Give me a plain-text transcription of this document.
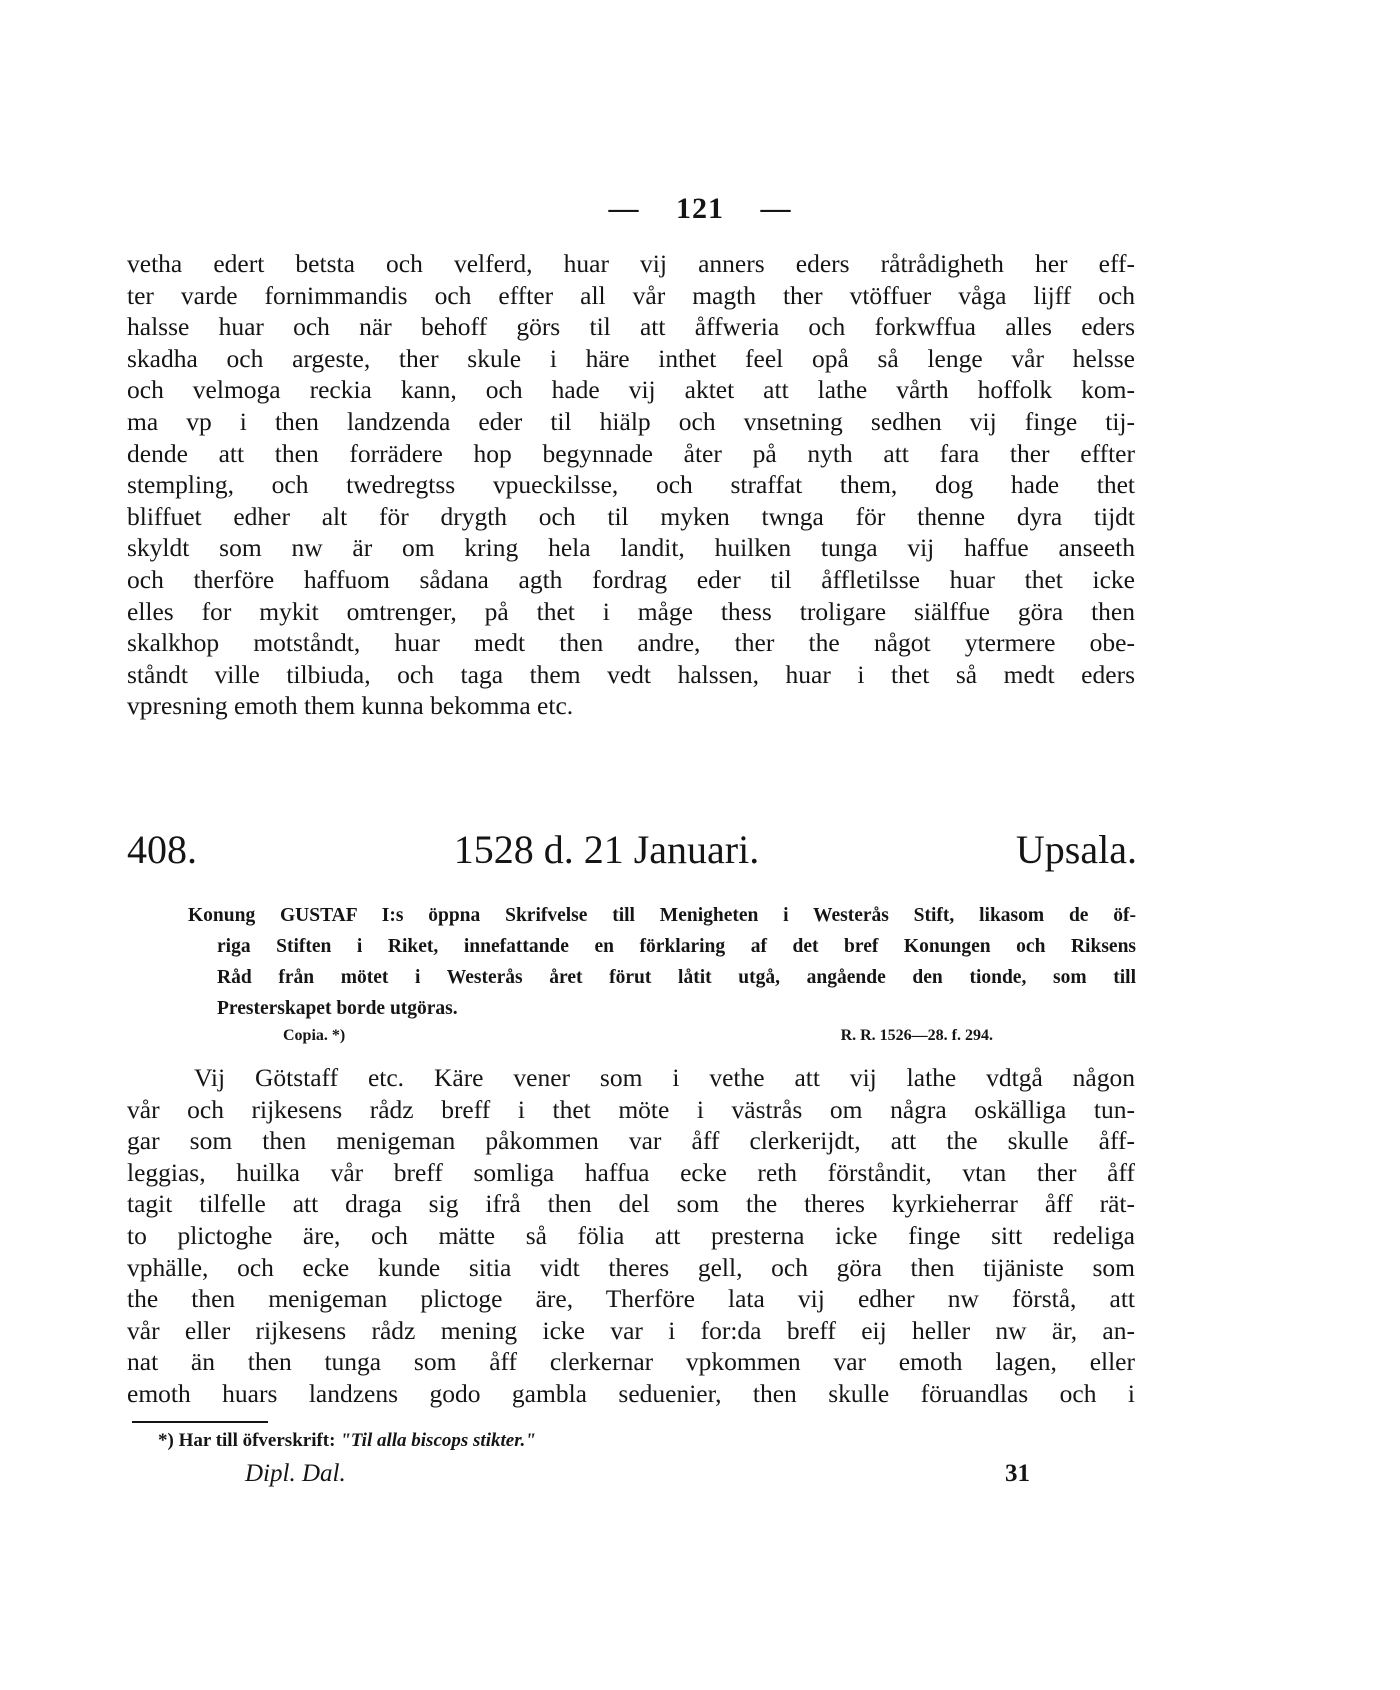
— 121 —
vetha edert betsta och velferd, huar vij anners eders råtrådigheth her eff-
ter varde fornimmandis och effter all vår magth ther vtöffuer våga lijff och
halsse huar och när behoff görs til att åffweria och forkwffua alles eders
skadha och argeste, ther skule i häre inthet feel opå så lenge vår helsse
och velmoga reckia kann, och hade vij aktet att lathe vårth hoffolk kom-
ma vp i then landzenda eder til hiälp och vnsetning sedhen vij finge tij-
dende att then forrädere hop begynnade åter på nyth att fara ther effter
stempling, och twedregtss vpueckilsse, och straffat them, dog hade thet
bliffuet edher alt för drygth och til myken twnga för thenne dyra tijdt
skyldt som nw är om kring hela landit, huilken tunga vij haffue anseeth
och therföre haffuom sådana agth fordrag eder til åffletilsse huar thet icke
elles for mykit omtrenger, på thet i måge thess troligare siälffue göra then
skalkhop motståndt, huar medt then andre, ther the något ytermere obe-
ståndt ville tilbiuda, och taga them vedt halssen, huar i thet så medt eders
vpresning emoth them kunna bekomma etc.
408.	1528 d. 21 Januari.	Upsala.
Konung GUSTAF I:s öppna Skrifvelse till Menigheten i Westerås Stift, likasom de öf-
riga Stiften i Riket, innefattande en förklaring af det bref Konungen och Riksens
Råd från mötet i Westerås året förut låtit utgå, angående den tionde, som till
Presterskapet borde utgöras.
Copia. *)	R. R. 1526—28. f. 294.
Vij Götstaff etc. Käre vener som i vethe att vij lathe vdtgå någon
vår och rijkesens rådz breff i thet möte i västrås om några oskälliga tun-
gar som then menigeman påkommen var åff clerkerijdt, att the skulle åff-
leggias, huilka vår breff somliga haffua ecke reth förståndit, vtan ther åff
tagit tilfelle att draga sig ifrå then del som the theres kyrkieherrar åff rät-
to plictoghe äre, och mätte så fölia att presterna icke finge sitt redeliga
vphälle, och ecke kunde sitia vidt theres gell, och göra then tijäniste som
the then menigeman plictoge äre, Therföre lata vij edher nw förstå, att
vår eller rijkesens rådz mening icke var i for:da breff eij heller nw är, an-
nat än then tunga som åff clerkernar vpkommen var emoth lagen, eller
emoth huars landzens godo gambla seduenier, then skulle föruandlas och i
*) Har till öfverskrift: "Til alla biscops stikter."
Dipl. Dal.	31
